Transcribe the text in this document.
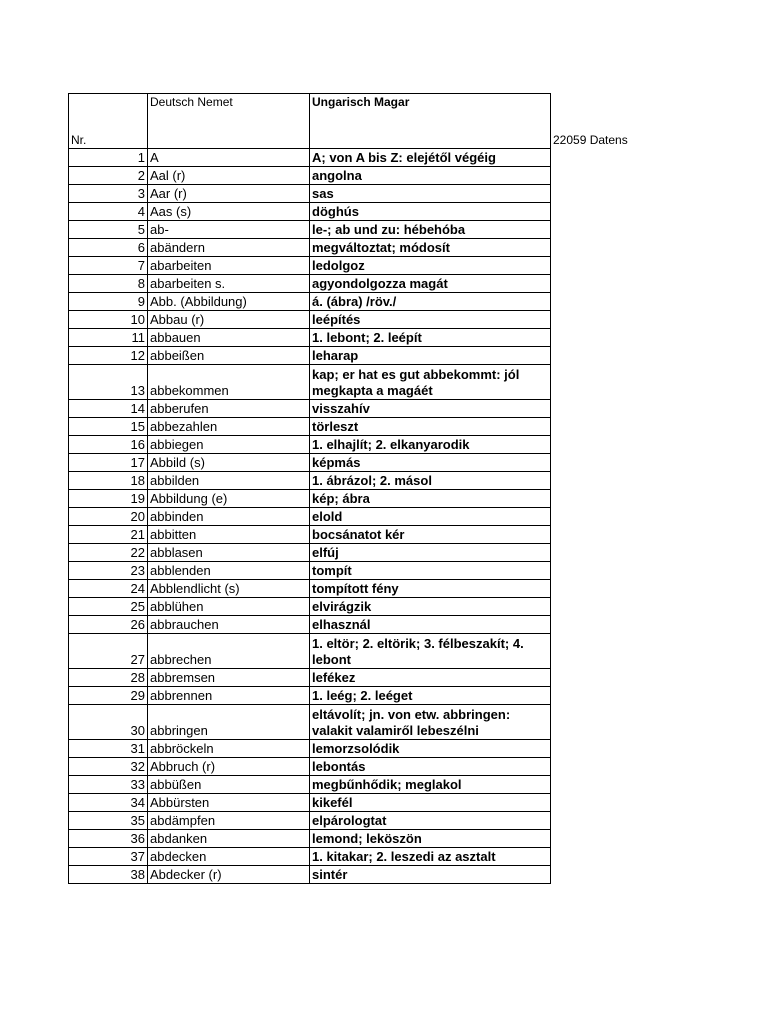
Nr.	Deutsch Nemet	Ungarisch Magar
1	A	A; von A bis Z: elejétől végéig
2	Aal (r)	angolna
3	Aar (r)	sas
4	Aas (s)	döghús
5	ab-	le-; ab und zu: hébehóba
6	abändern	megváltoztat; módosít
7	abarbeiten	ledolgoz
8	abarbeiten s.	agyondolgozza magát
9	Abb. (Abbildung)	á. (ábra) /röv./
10	Abbau (r)	leépítés
11	abbauen	1. lebont; 2. leépít
12	abbeißen	leharap
13	abbekommen	kap; er hat es gut abbekommt: jól megkapta a magáét
14	abberufen	visszahív
15	abbezahlen	törleszt
16	abbiegen	1. elhajlít; 2. elkanyarodik
17	Abbild (s)	képmás
18	abbilden	1. ábrázol; 2. másol
19	Abbildung (e)	kép; ábra
20	abbinden	elold
21	abbitten	bocsánatot kér
22	abblasen	elfúj
23	abblenden	tompít
24	Abblendlicht (s)	tompított fény
25	abblühen	elvirágzik
26	abbrauchen	elhasznál
27	abbrechen	1. eltör; 2. eltörik; 3. félbeszakít; 4. lebont
28	abbremsen	lefékez
29	abbrennen	1. leég; 2. leéget
30	abbringen	eltávolít; jn. von etw. abbringen: valakit valamiről lebeszélni
31	abbröckeln	lemorzsolódik
32	Abbruch (r)	lebontás
33	abbüßen	megbűnhődik; meglakol
34	Abbürsten	kikefél
35	abdämpfen	elpárologtat
36	abdanken	lemond; leköszön
37	abdecken	1. kitakar; 2. leszedi az asztalt
38	Abdecker (r)	sintér
22059 Datens
